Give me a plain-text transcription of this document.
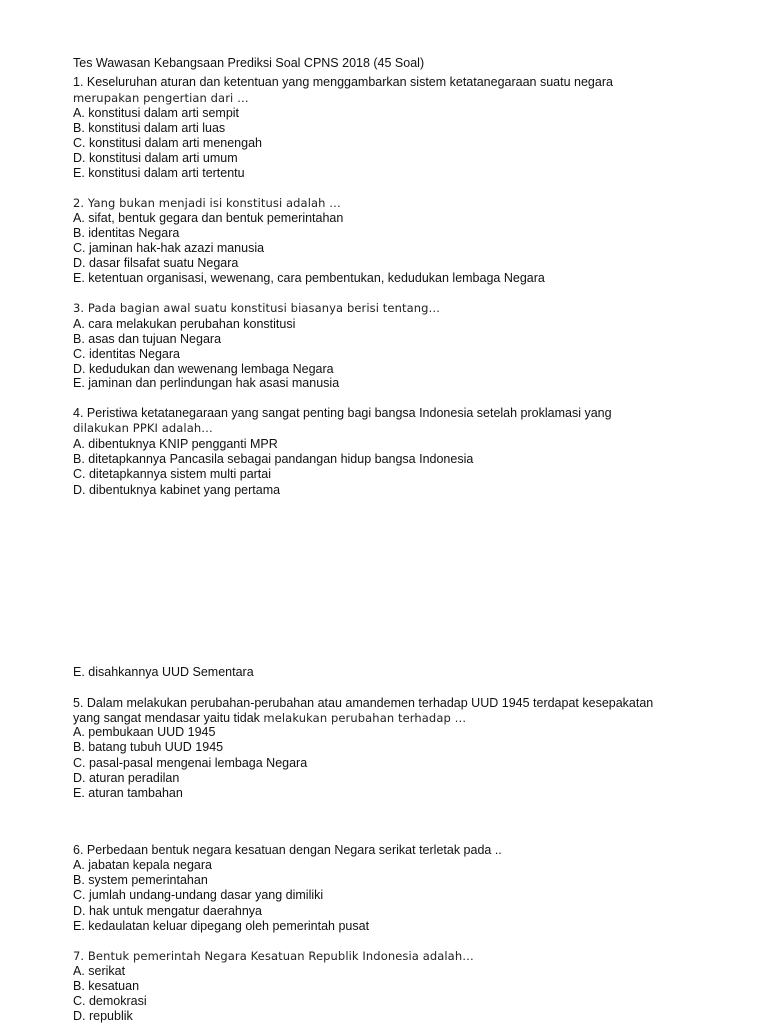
Tes Wawasan Kebangsaan Prediksi Soal CPNS 2018 (45 Soal)
1. Keseluruhan aturan dan ketentuan yang menggambarkan sistem ketatanegaraan suatu negara
merupakan pengertian dari …
A. konstitusi dalam arti sempit
B. konstitusi dalam arti luas
C. konstitusi dalam arti menengah
D. konstitusi dalam arti umum
E. konstitusi dalam arti tertentu
2. Yang bukan menjadi isi konstitusi adalah …
A. sifat, bentuk gegara dan bentuk pemerintahan
B. identitas Negara
C. jaminan hak-hak azazi manusia
D. dasar filsafat suatu Negara
E. ketentuan organisasi, wewenang, cara pembentukan, kedudukan lembaga Negara
3. Pada bagian awal suatu konstitusi biasanya berisi tentang…
A. cara melakukan perubahan konstitusi
B. asas dan tujuan Negara
C. identitas Negara
D. kedudukan dan wewenang lembaga Negara
E. jaminan dan perlindungan hak asasi manusia
4. Peristiwa ketatanegaraan yang sangat penting bagi bangsa Indonesia setelah proklamasi yang
dilakukan PPKI adalah…
A. dibentuknya KNIP pengganti MPR
B. ditetapkannya Pancasila sebagai pandangan hidup bangsa Indonesia
C. ditetapkannya sistem multi partai
D. dibentuknya kabinet yang pertama
E. disahkannya UUD Sementara
5. Dalam melakukan perubahan-perubahan atau amandemen terhadap UUD 1945 terdapat kesepakatan
yang sangat mendasar yaitu tidak melakukan perubahan terhadap …
A. pembukaan UUD 1945
B. batang tubuh UUD 1945
C. pasal-pasal mengenai lembaga Negara
D. aturan peradilan
E. aturan tambahan
6. Perbedaan bentuk negara kesatuan dengan Negara serikat terletak pada ..
A. jabatan kepala negara
B. system pemerintahan
C. jumlah undang-undang dasar yang dimiliki
D. hak untuk mengatur daerahnya
E. kedaulatan keluar dipegang oleh pemerintah pusat
7. Bentuk pemerintah Negara Kesatuan Republik Indonesia adalah…
A. serikat
B. kesatuan
C. demokrasi
D. republik
